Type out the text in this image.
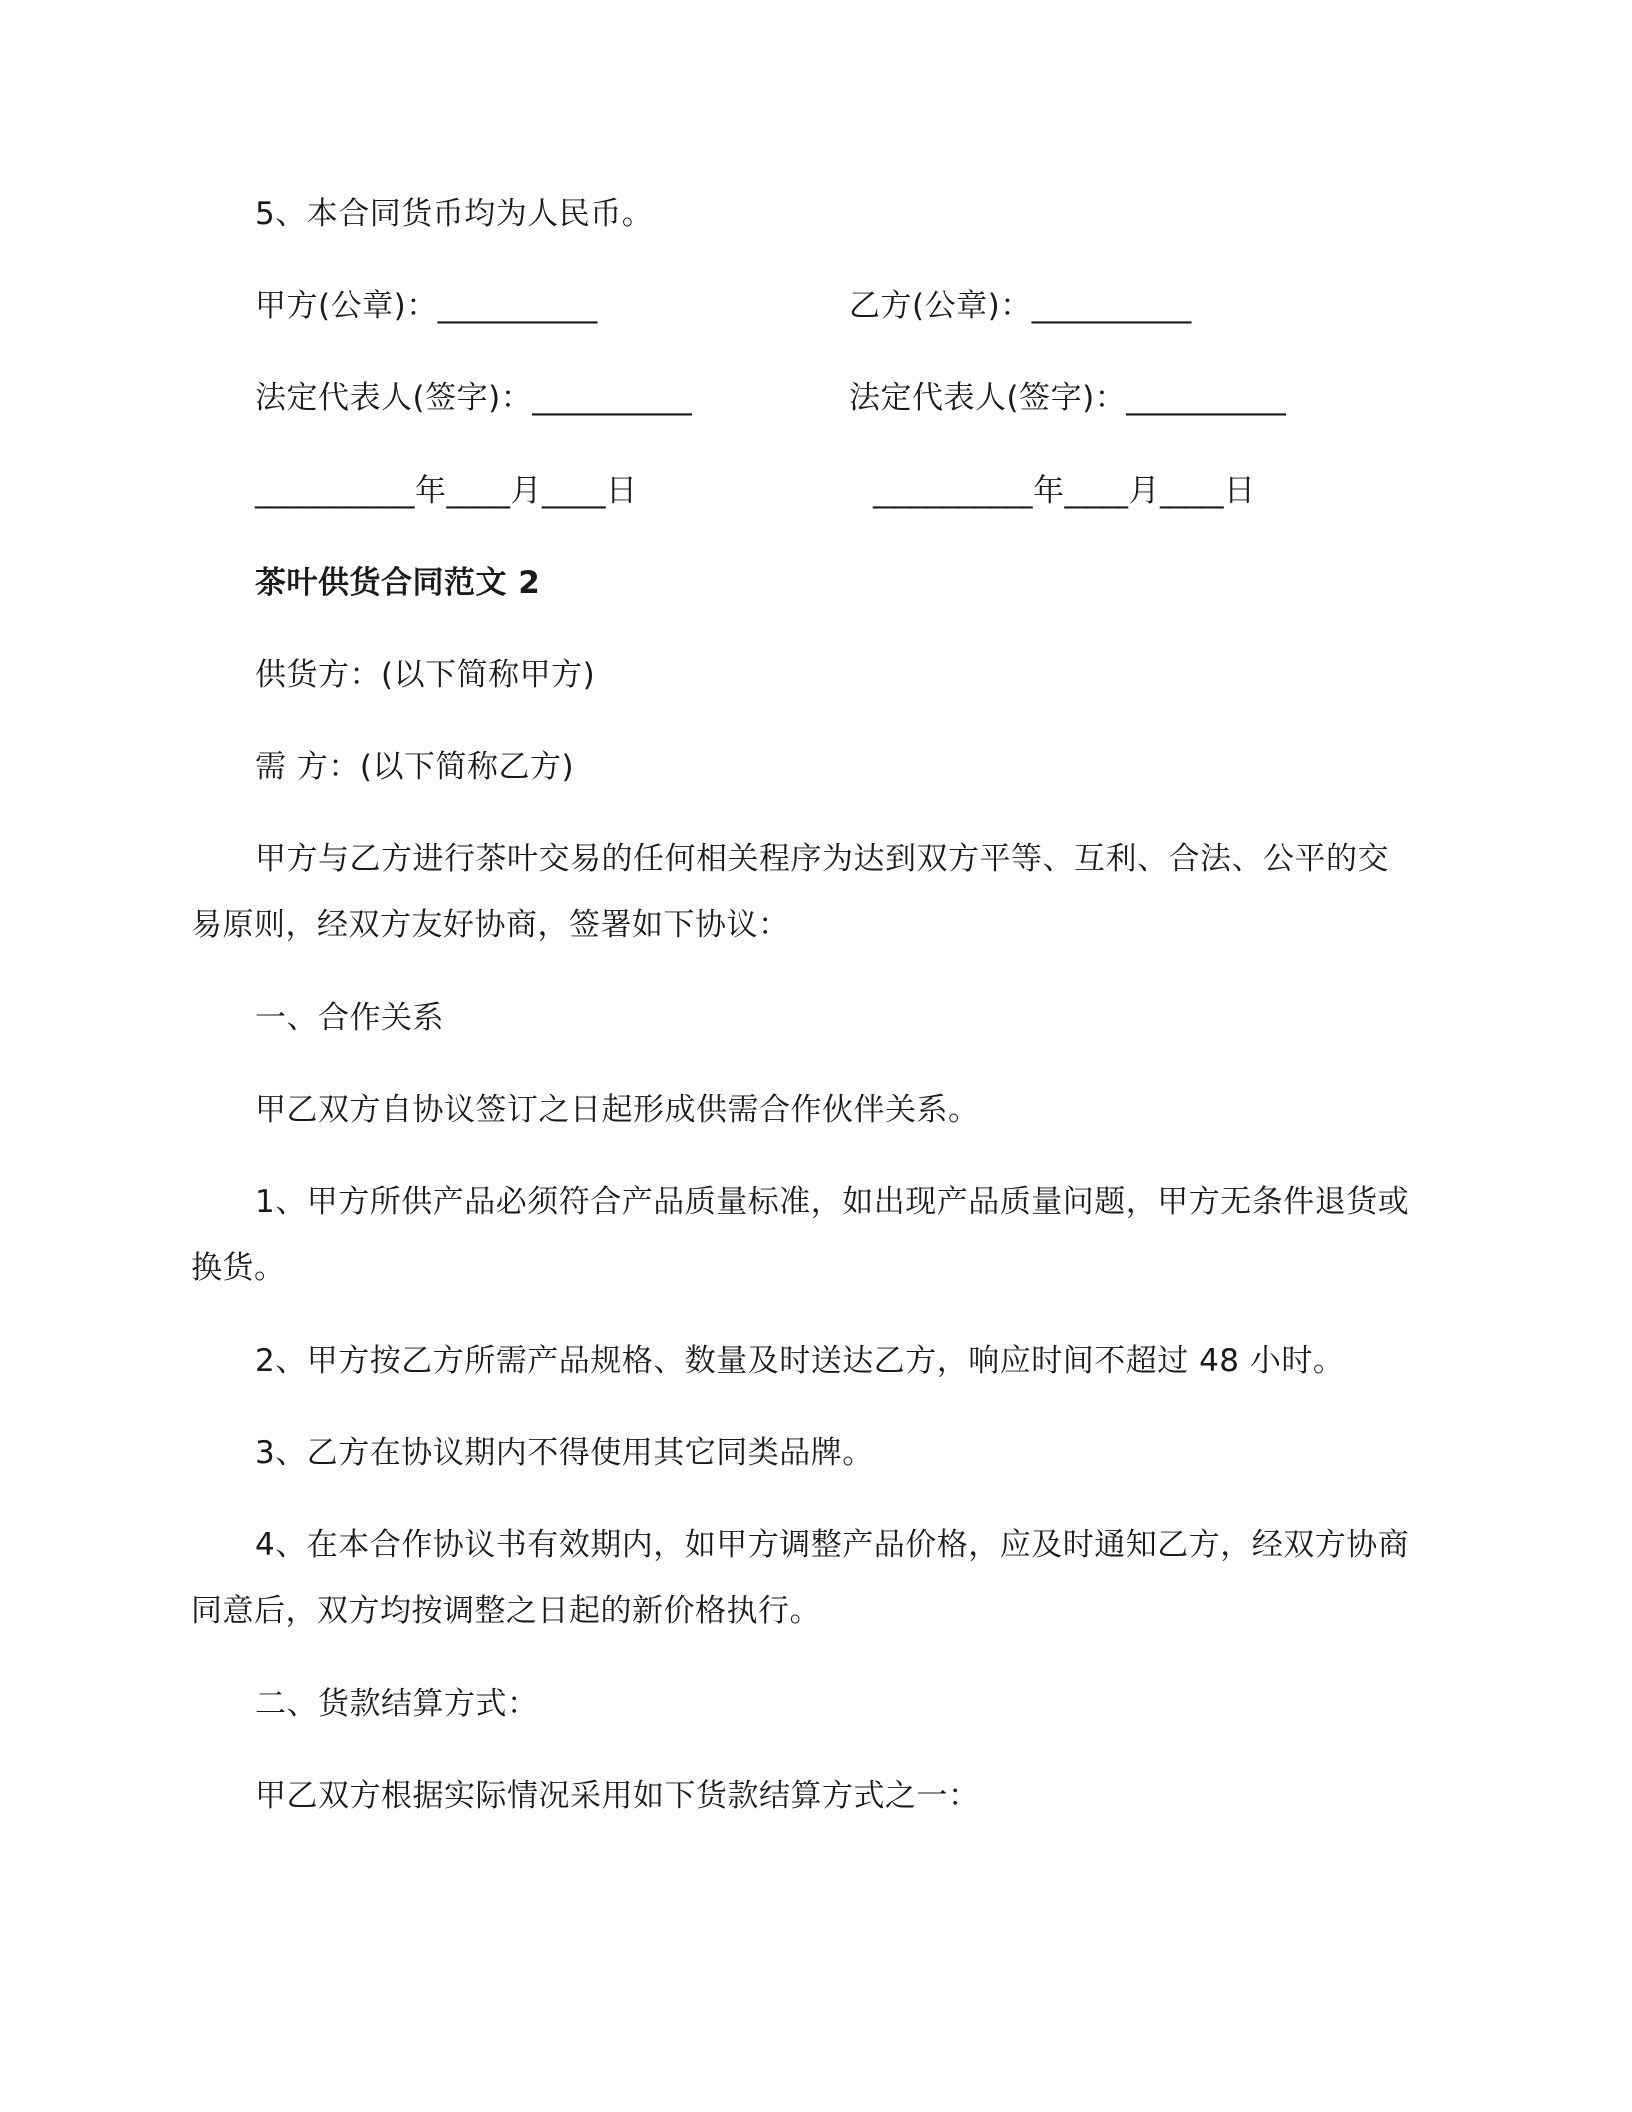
5、本合同货币均为人民币。
甲方(公章)：__________	乙方(公章)：__________
法定代表人(签字)：__________	法定代表人(签字)：__________
__________年____月____日	__________年____月____日
茶叶供货合同范文 2
供货方：(以下简称甲方)
需 方：(以下简称乙方)
甲方与乙方进行茶叶交易的任何相关程序为达到双方平等、互利、合法、公平的交
易原则，经双方友好协商，签署如下协议：
一、合作关系
甲乙双方自协议签订之日起形成供需合作伙伴关系。
1、甲方所供产品必须符合产品质量标准，如出现产品质量问题，甲方无条件退货或
换货。
2、甲方按乙方所需产品规格、数量及时送达乙方，响应时间不超过 48 小时。
3、乙方在协议期内不得使用其它同类品牌。
4、在本合作协议书有效期内，如甲方调整产品价格，应及时通知乙方，经双方协商
同意后，双方均按调整之日起的新价格执行。
二、货款结算方式：
甲乙双方根据实际情况采用如下货款结算方式之一：
